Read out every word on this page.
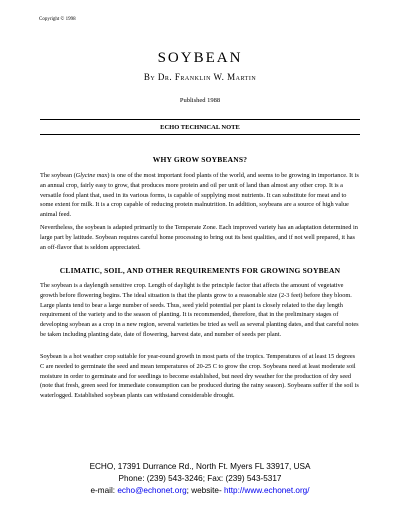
Copyright © 1998
SOYBEAN
By Dr. Franklin W. Martin
Published 1988
ECHO TECHNICAL NOTE
WHY GROW SOYBEANS?

The soybean (Glycine max) is one of the most important food plants of the world, and seems to be growing in importance. It is an annual crop, fairly easy to grow, that produces more protein and oil per unit of land than almost any other crop. It is a versatile food plant that, used in its various forms, is capable of supplying most nutrients. It can substitute for meat and to some extent for milk. It is a crop capable of reducing protein malnutrition. In addition, soybeans are a source of high value animal feed.

Nevertheless, the soybean is adapted primarily to the Temperate Zone. Each improved variety has an adaptation determined in large part by latitude. Soybean requires careful home processing to bring out its best qualities, and if not well prepared, it has an off-flavor that is seldom appreciated.

CLIMATIC, SOIL, AND OTHER REQUIREMENTS FOR GROWING SOYBEAN

The soybean is a daylength sensitive crop. Length of daylight is the principle factor that affects the amount of vegetative growth before flowering begins. The ideal situation is that the plants grow to a reasonable size (2-3 feet) before they bloom. Large plants tend to bear a large number of seeds. Thus, seed yield potential per plant is closely related to the day length requirement of the variety and to the season of planting. It is recommended, therefore, that in the preliminary stages of developing soybean as a crop in a new region, several varieties be tried as well as several planting dates, and that careful notes be taken including planting date, date of flowering, harvest date, and number of seeds per plant.

Soybean is a hot weather crop suitable for year-round growth in most parts of the tropics. Temperatures of at least 15 degrees C are needed to germinate the seed and mean temperatures of 20-25 C to grow the crop. Soybeans need at least moderate soil moisture in order to germinate and for seedlings to become established, but need dry weather for the production of dry seed (note that fresh, green seed for immediate consumption can be produced during the rainy season). Soybeans suffer if the soil is waterlogged. Established soybean plants can withstand considerable drought.

ECHO, 17391 Durrance Rd., North Ft. Myers FL 33917, USA
Phone: (239) 543-3246; Fax: (239) 543-5317
e-mail: echo@echonet.org; website- http://www.echonet.org/
